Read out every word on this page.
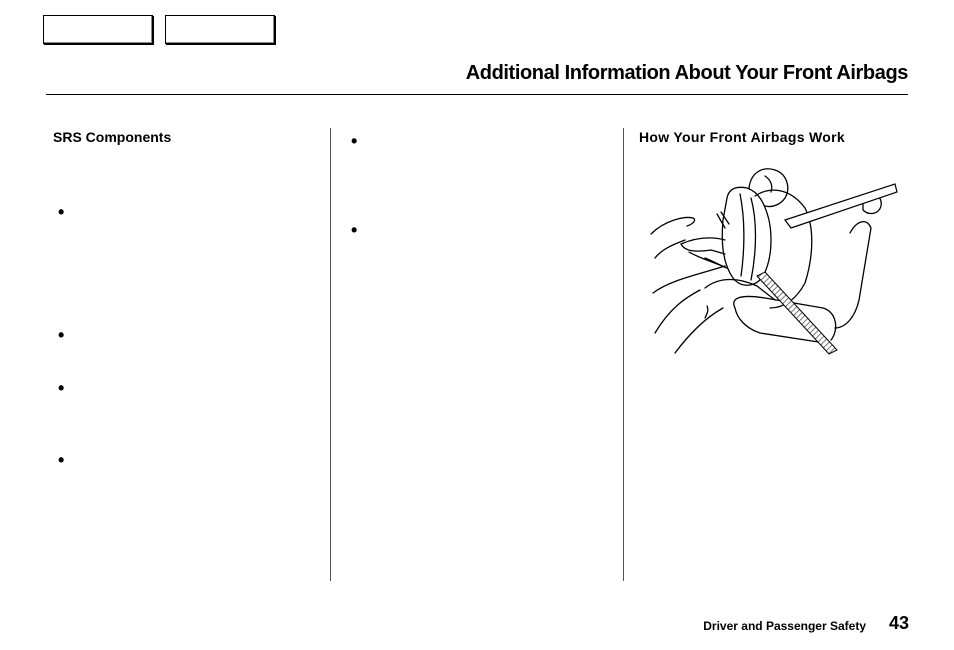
Additional Information About Your Front Airbags
SRS Components
•
•
•
•
•
•
How Your Front Airbags Work
Driver and Passenger Safety 43
